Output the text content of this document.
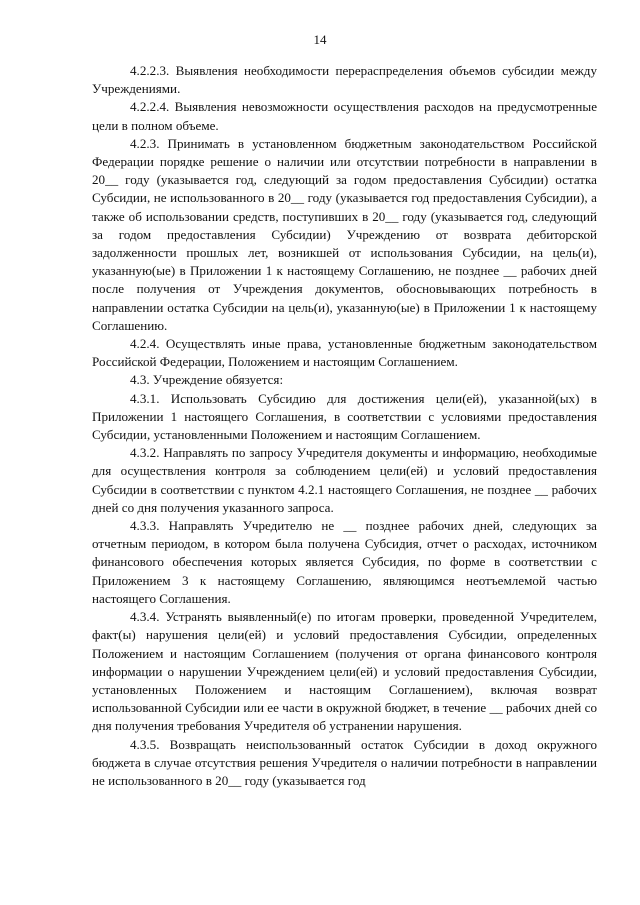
14

4.2.2.3. Выявления необходимости перераспределения объемов субсидии между Учреждениями.

4.2.2.4. Выявления невозможности осуществления расходов на предусмотренные цели в полном объеме.

4.2.3. Принимать в установленном бюджетным законодательством Российской Федерации порядке решение о наличии или отсутствии потребности в направлении в 20__ году (указывается год, следующий за годом предоставления Субсидии) остатка Субсидии, не использованного в 20__ году (указывается год предоставления Субсидии), а также об использовании средств, поступивших в 20__ году (указывается год, следующий за годом предоставления Субсидии) Учреждению от возврата дебиторской задолженности прошлых лет, возникшей от использования Субсидии, на цель(и), указанную(ые) в Приложении 1 к настоящему Соглашению, не позднее __ рабочих дней после получения от Учреждения документов, обосновывающих потребность в направлении остатка Субсидии на цель(и), указанную(ые) в Приложении 1 к настоящему Соглашению.

4.2.4. Осуществлять иные права, установленные бюджетным законодательством Российской Федерации, Положением и настоящим Соглашением.

4.3. Учреждение обязуется:

4.3.1. Использовать Субсидию для достижения цели(ей), указанной(ых) в Приложении 1 настоящего Соглашения, в соответствии с условиями предоставления Субсидии, установленными Положением и настоящим Соглашением.

4.3.2. Направлять по запросу Учредителя документы и информацию, необходимые для осуществления контроля за соблюдением цели(ей) и условий предоставления Субсидии в соответствии с пунктом 4.2.1 настоящего Соглашения, не позднее __ рабочих дней со дня получения указанного запроса.

4.3.3. Направлять Учредителю не __ позднее рабочих дней, следующих за отчетным периодом, в котором была получена Субсидия, отчет о расходах, источником финансового обеспечения которых является Субсидия, по форме в соответствии с Приложением 3 к настоящему Соглашению, являющимся неотъемлемой частью настоящего Соглашения.

4.3.4. Устранять выявленный(е) по итогам проверки, проведенной Учредителем, факт(ы) нарушения цели(ей) и условий предоставления Субсидии, определенных Положением и настоящим Соглашением (получения от органа финансового контроля информации о нарушении Учреждением цели(ей) и условий предоставления Субсидии, установленных Положением и настоящим Соглашением), включая возврат использованной Субсидии или ее части в окружной бюджет, в течение __ рабочих дней со дня получения требования Учредителя об устранении нарушения.

4.3.5. Возвращать неиспользованный остаток Субсидии в доход окружного бюджета в случае отсутствия решения Учредителя о наличии потребности в направлении не использованного в 20__ году (указывается год
